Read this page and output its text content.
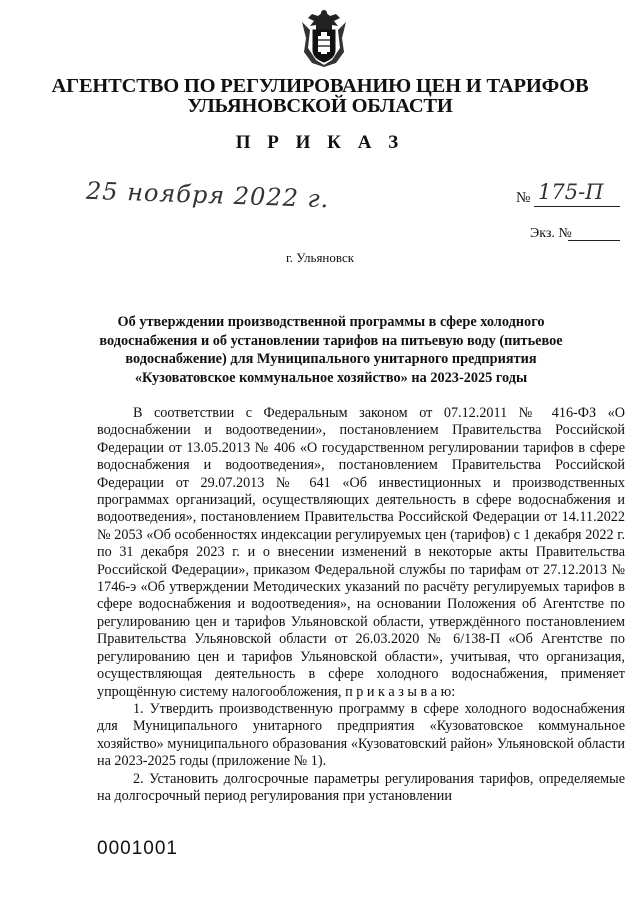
АГЕНТСТВО ПО РЕГУЛИРОВАНИЮ ЦЕН И ТАРИФОВ
УЛЬЯНОВСКОЙ ОБЛАСТИ
П Р И К А З
25 ноября 2022 г.	№ 175-П
Экз. №
г. Ульяновск
Об утверждении производственной программы в сфере холодного водоснабжения и об установлении тарифов на питьевую воду (питьевое водоснабжение) для Муниципального унитарного предприятия «Кузоватовское коммунальное хозяйство» на 2023-2025 годы

В соответствии с Федеральным законом от 07.12.2011 № 416-ФЗ «О водоснабжении и водоотведении», постановлением Правительства Российской Федерации от 13.05.2013 № 406 «О государственном регулировании тарифов в сфере водоснабжения и водоотведения», постановлением Правительства Российской Федерации от 29.07.2013 № 641 «Об инвестиционных и производственных программах организаций, осуществляющих деятельность в сфере водоснабжения и водоотведения», постановлением Правительства Российской Федерации от 14.11.2022 № 2053 «Об особенностях индексации регулируемых цен (тарифов) с 1 декабря 2022 г. по 31 декабря 2023 г. и о внесении изменений в некоторые акты Правительства Российской Федерации», приказом Федеральной службы по тарифам от 27.12.2013 № 1746-э «Об утверждении Методических указаний по расчёту регулируемых тарифов в сфере водоснабжения и водоотведения», на основании Положения об Агентстве по регулированию цен и тарифов Ульяновской области, утверждённого постановлением Правительства Ульяновской области от 26.03.2020 № 6/138-П «Об Агентстве по регулированию цен и тарифов Ульяновской области», учитывая, что организация, осуществляющая деятельность в сфере холодного водоснабжения, применяет упрощённую систему налогообложения, п р и к а з ы в а ю:

1. Утвердить производственную программу в сфере холодного водоснабжения для Муниципального унитарного предприятия «Кузоватовское коммунальное хозяйство» муниципального образования «Кузоватовский район» Ульяновской области на 2023-2025 годы (приложение № 1).

2. Установить долгосрочные параметры регулирования тарифов, определяемые на долгосрочный период регулирования при установлении

0001001
